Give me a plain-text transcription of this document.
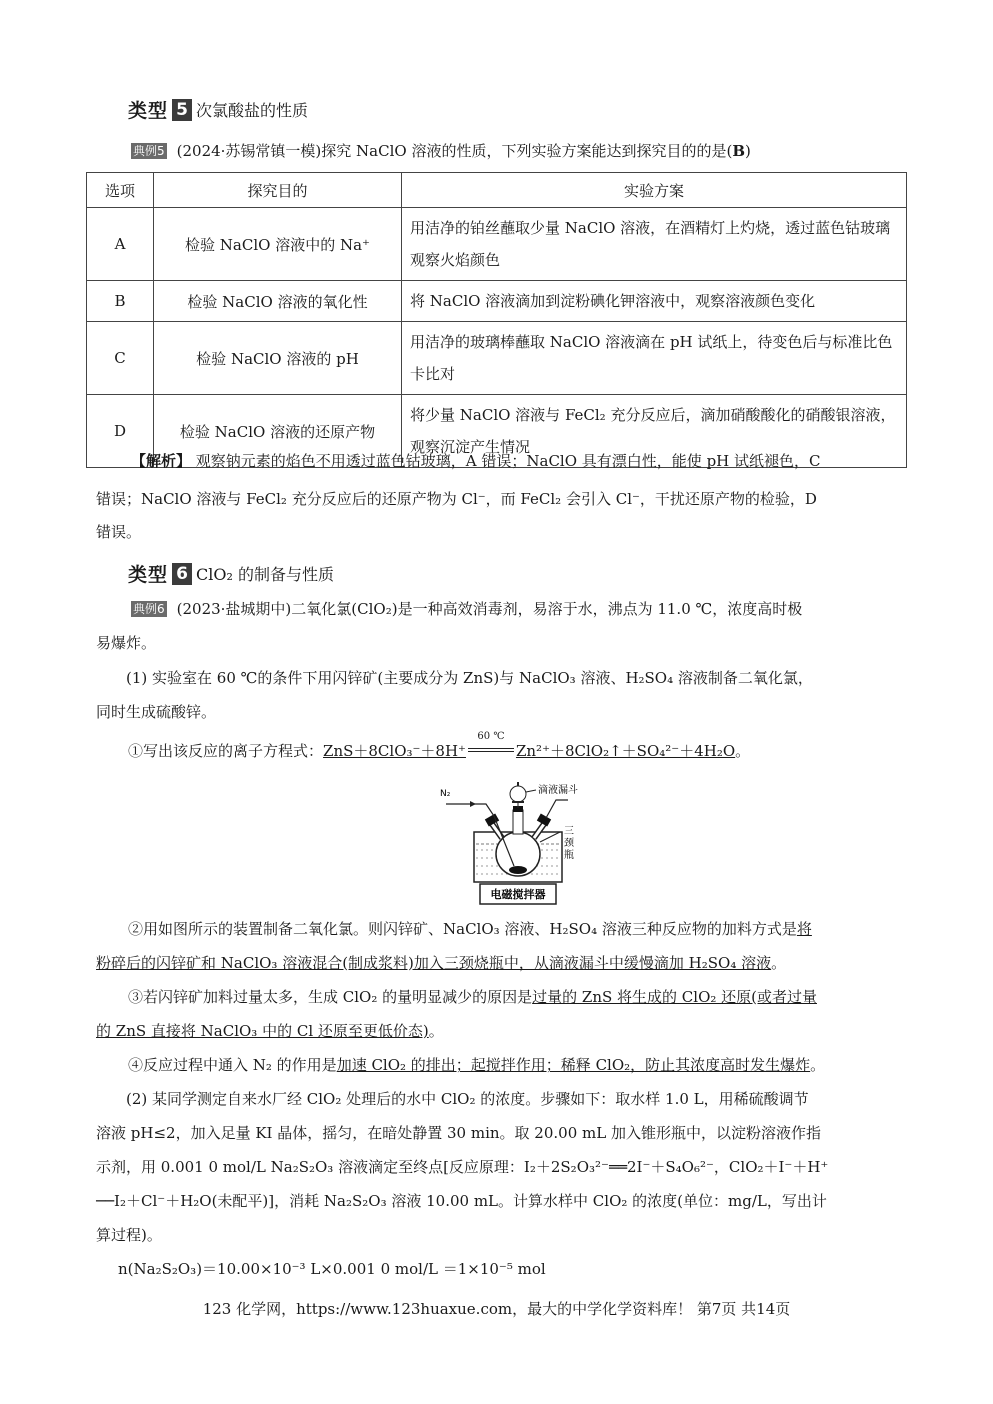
类型 5 次氯酸盐的性质
典例5 (2024·苏锡常镇一模)探究 NaClO 溶液的性质，下列实验方案能达到探究目的的是(B)
选项	探究目的	实验方案
A	检验 NaClO 溶液中的 Na⁺	用洁净的铂丝蘸取少量 NaClO 溶液，在酒精灯上灼烧，透过蓝色钴玻璃观察火焰颜色
B	检验 NaClO 溶液的氧化性	将 NaClO 溶液滴加到淀粉碘化钾溶液中，观察溶液颜色变化
C	检验 NaClO 溶液的 pH	用洁净的玻璃棒蘸取 NaClO 溶液滴在 pH 试纸上，待变色后与标准比色卡比对
D	检验 NaClO 溶液的还原产物	将少量 NaClO 溶液与 FeCl₂ 充分反应后，滴加硝酸酸化的硝酸银溶液，观察沉淀产生情况
【解析】 观察钠元素的焰色不用透过蓝色钴玻璃，A 错误；NaClO 具有漂白性，能使 pH 试纸褪色，C
错误；NaClO 溶液与 FeCl₂ 充分反应后的还原产物为 Cl⁻，而 FeCl₂ 会引入 Cl⁻，干扰还原产物的检验，D
错误。
类型 6 ClO₂ 的制备与性质
典例6 (2023·盐城期中)二氧化氯(ClO₂)是一种高效消毒剂，易溶于水，沸点为 11.0 ℃，浓度高时极
易爆炸。
(1) 实验室在 60 ℃的条件下用闪锌矿(主要成分为 ZnS)与 NaClO₃ 溶液、H₂SO₄ 溶液制备二氧化氯，
同时生成硫酸锌。
①写出该反应的离子方程式：ZnS＋8ClO₃⁻＋8H⁺
60 ℃
Zn²⁺＋8ClO₂↑＋SO₄²⁻＋4H₂O。
N₂	滴液漏斗
三
颈
瓶
电磁搅拌器
②用如图所示的装置制备二氧化氯。则闪锌矿、NaClO₃ 溶液、H₂SO₄ 溶液三种反应物的加料方式是将
粉碎后的闪锌矿和 NaClO₃ 溶液混合(制成浆料)加入三颈烧瓶中，从滴液漏斗中缓慢滴加 H₂SO₄ 溶液。
③若闪锌矿加料过量太多，生成 ClO₂ 的量明显减少的原因是过量的 ZnS 将生成的 ClO₂ 还原(或者过量
的 ZnS 直接将 NaClO₃ 中的 Cl 还原至更低价态)。
④反应过程中通入 N₂ 的作用是加速 ClO₂ 的排出；起搅拌作用；稀释 ClO₂，防止其浓度高时发生爆炸。
(2) 某同学测定自来水厂经 ClO₂ 处理后的水中 ClO₂ 的浓度。步骤如下：取水样 1.0 L，用稀硫酸调节
溶液 pH≤2，加入足量 KI 晶体，摇匀，在暗处静置 30 min。取 20.00 mL 加入锥形瓶中，以淀粉溶液作指
示剂，用 0.001 0 mol/L Na₂S₂O₃ 溶液滴定至终点[反应原理：I₂＋2S₂O₃²⁻══2I⁻＋S₄O₆²⁻，ClO₂＋I⁻＋H⁺
──I₂＋Cl⁻＋H₂O(未配平)]，消耗 Na₂S₂O₃ 溶液 10.00 mL。计算水样中 ClO₂ 的浓度(单位：mg/L，写出计
算过程)。
n(Na₂S₂O₃)＝10.00×10⁻³ L×0.001 0 mol/L ＝1×10⁻⁵ mol
123 化学网，https://www.123huaxue.com，最大的中学化学资料库！ 第7页 共14页
